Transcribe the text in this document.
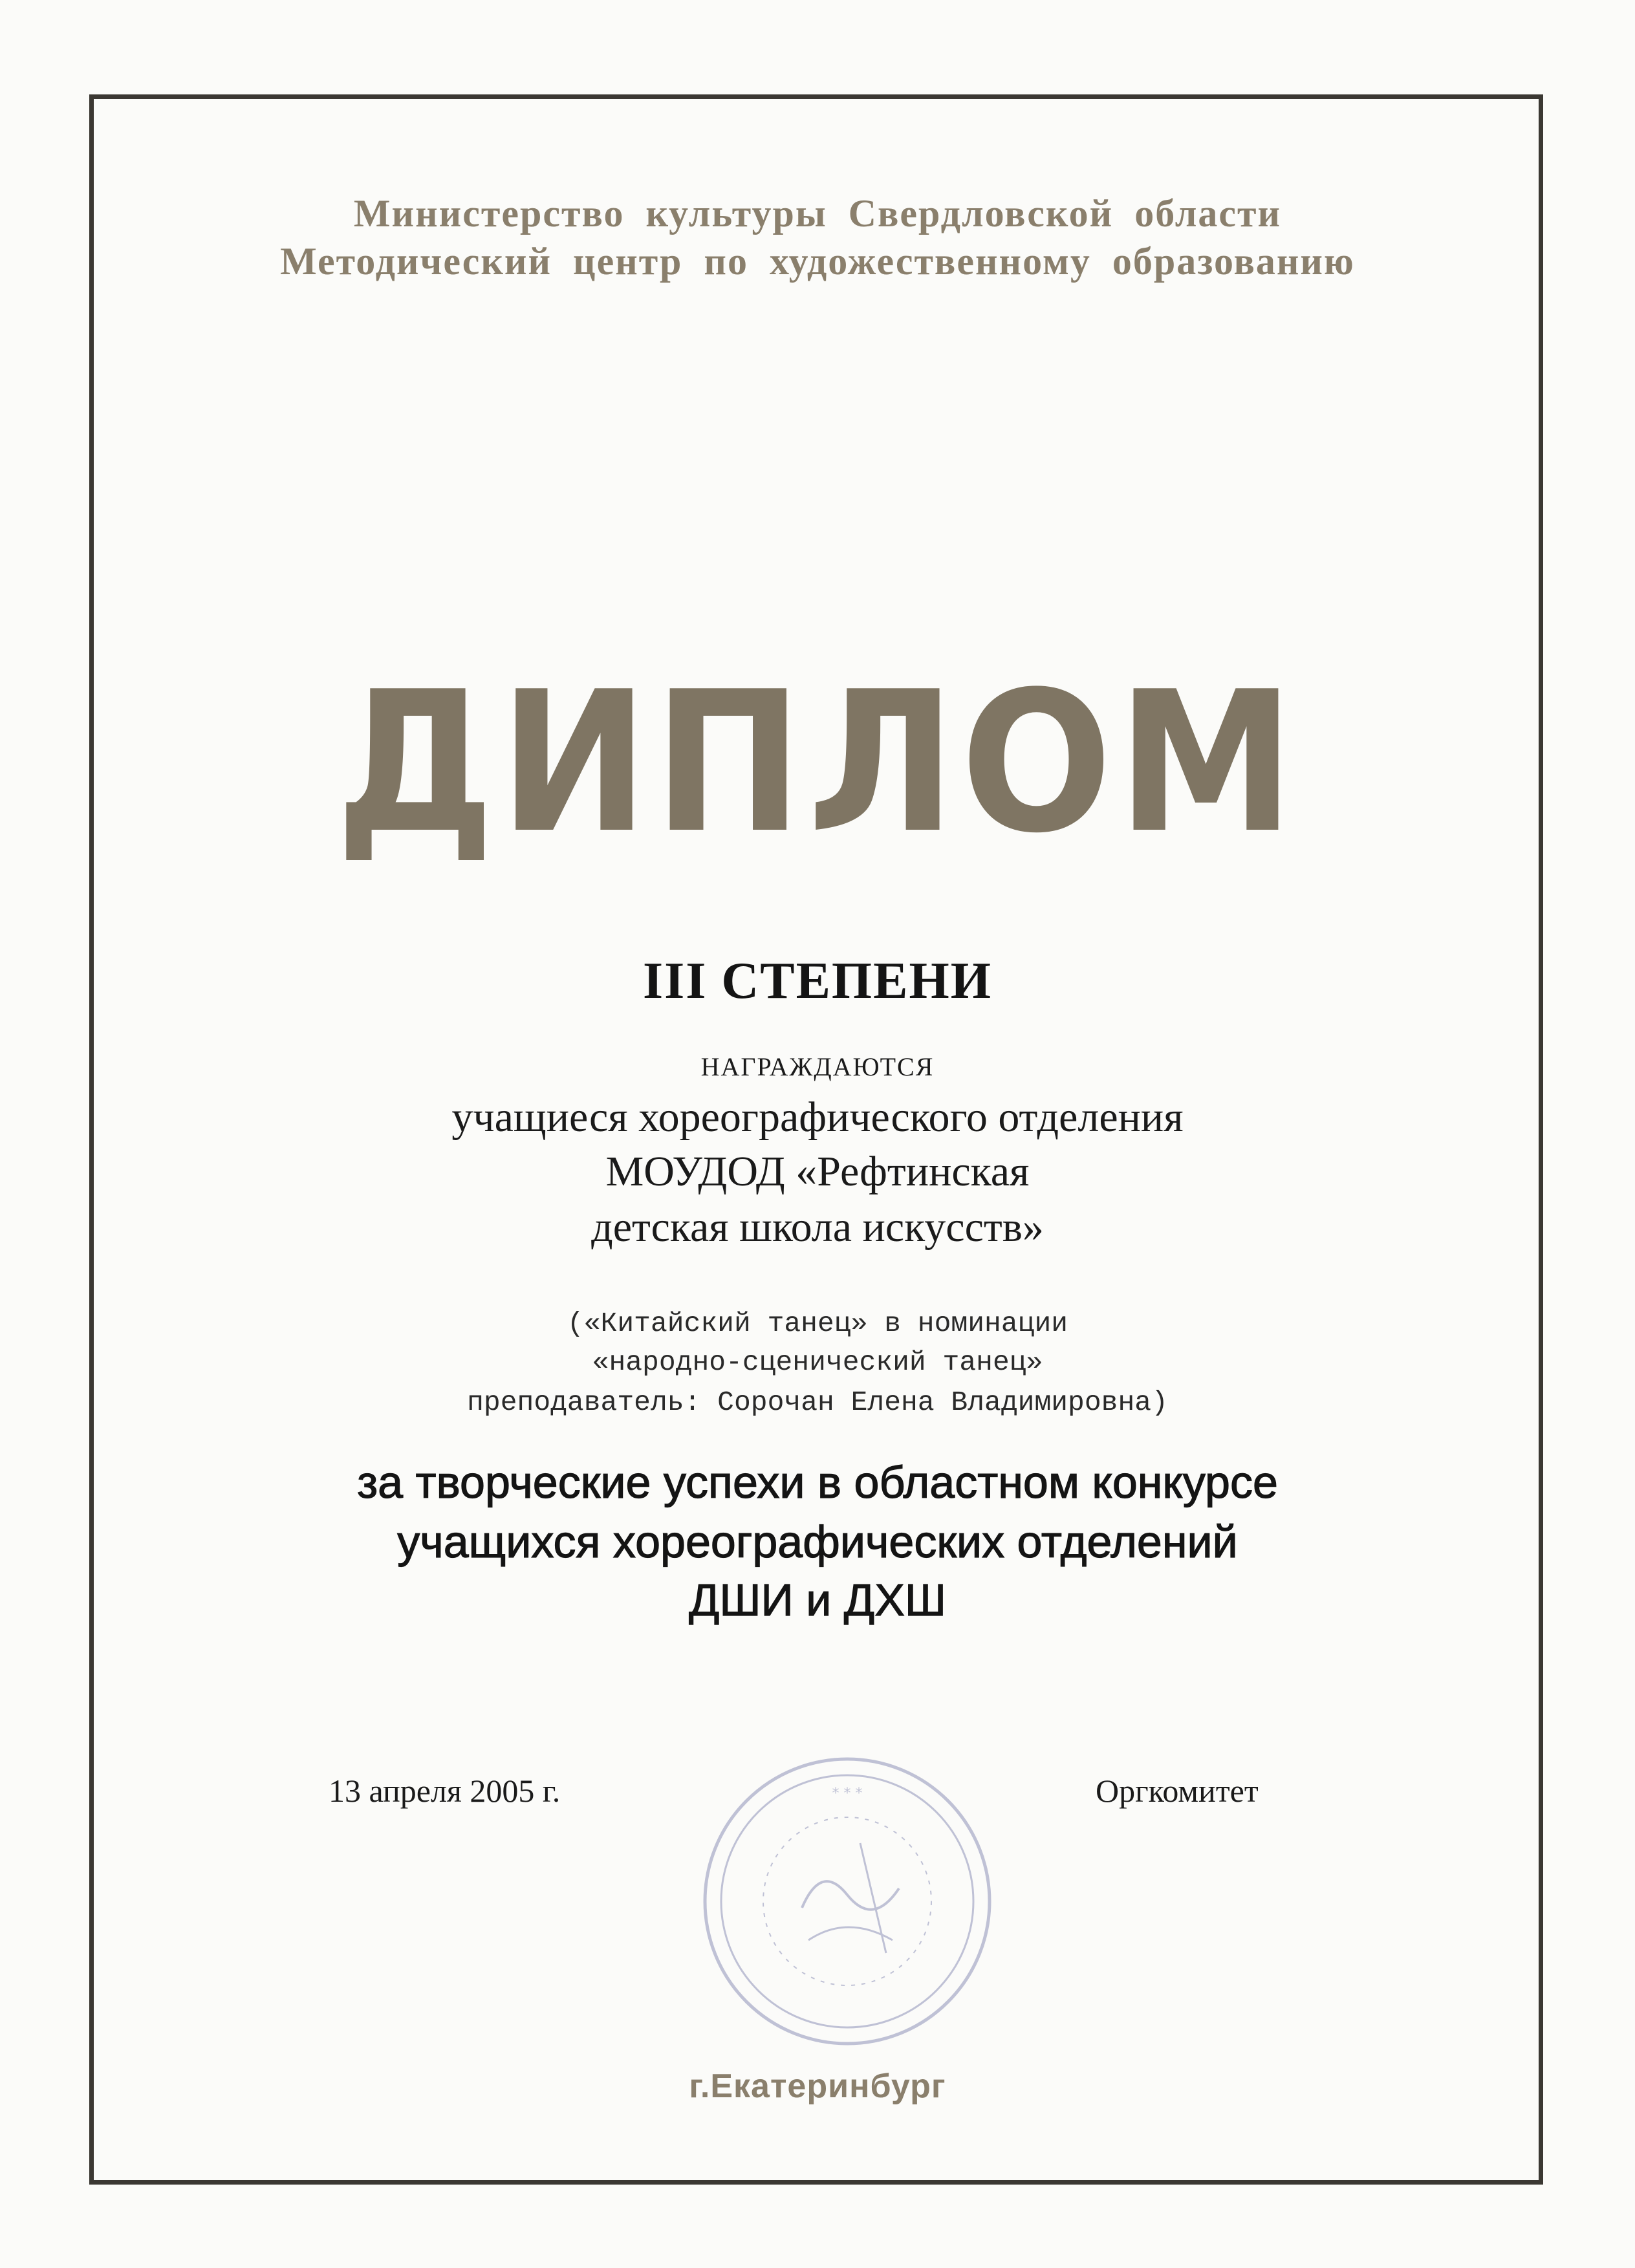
Министерство культуры Свердловской области
Методический центр по художественному образованию
ДИПЛОМ
III СТЕПЕНИ
НАГРАЖДАЮТСЯ
учащиеся хореографического отделения
МОУДОД «Рефтинская
детская школа искусств»
(«Китайский танец» в номинации
«народно-сценический танец»
преподаватель: Сорочан Елена Владимировна)
за творческие успехи в областном конкурсе
учащихся хореографических отделений
ДШИ и ДХШ
13 апреля 2005 г.	Оргкомитет
* * *
г.Екатеринбург
